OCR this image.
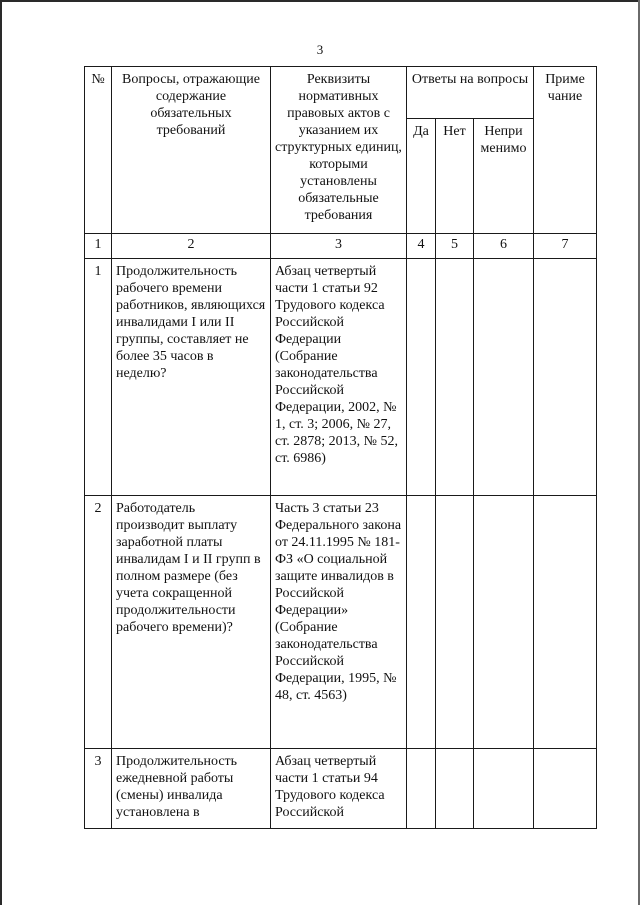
3
№	Вопросы, отражающие содержание обязательных требований	Реквизиты нормативных правовых актов с указанием их структурных единиц, которыми установлены обязательные требования	Ответы на вопросы			Приме
чание
			Да	Нет	Непри
менимо	
1	2	3	4	5	6	7
1	Продолжительность рабочего времени работников, являющихся инвалидами I или II группы, составляет не более 35 часов в неделю?	Абзац четвертый части 1 статьи 92 Трудового кодекса Российской Федерации (Собрание законодательства Российской Федерации, 2002, № 1, ст. 3; 2006, № 27, ст. 2878; 2013, № 52, ст. 6986)				
2	Работодатель производит выплату заработной платы инвалидам I и II групп в полном размере (без учета сокращенной продолжительности рабочего времени)?	Часть 3 статьи 23 Федерального закона от 24.11.1995 № 181-ФЗ «О социальной защите инвалидов в Российской Федерации» (Собрание законодательства Российской Федерации, 1995, № 48, ст. 4563)				
3	Продолжительность ежедневной работы (смены) инвалида установлена в	Абзац четвертый части 1 статьи 94 Трудового кодекса Российской				
